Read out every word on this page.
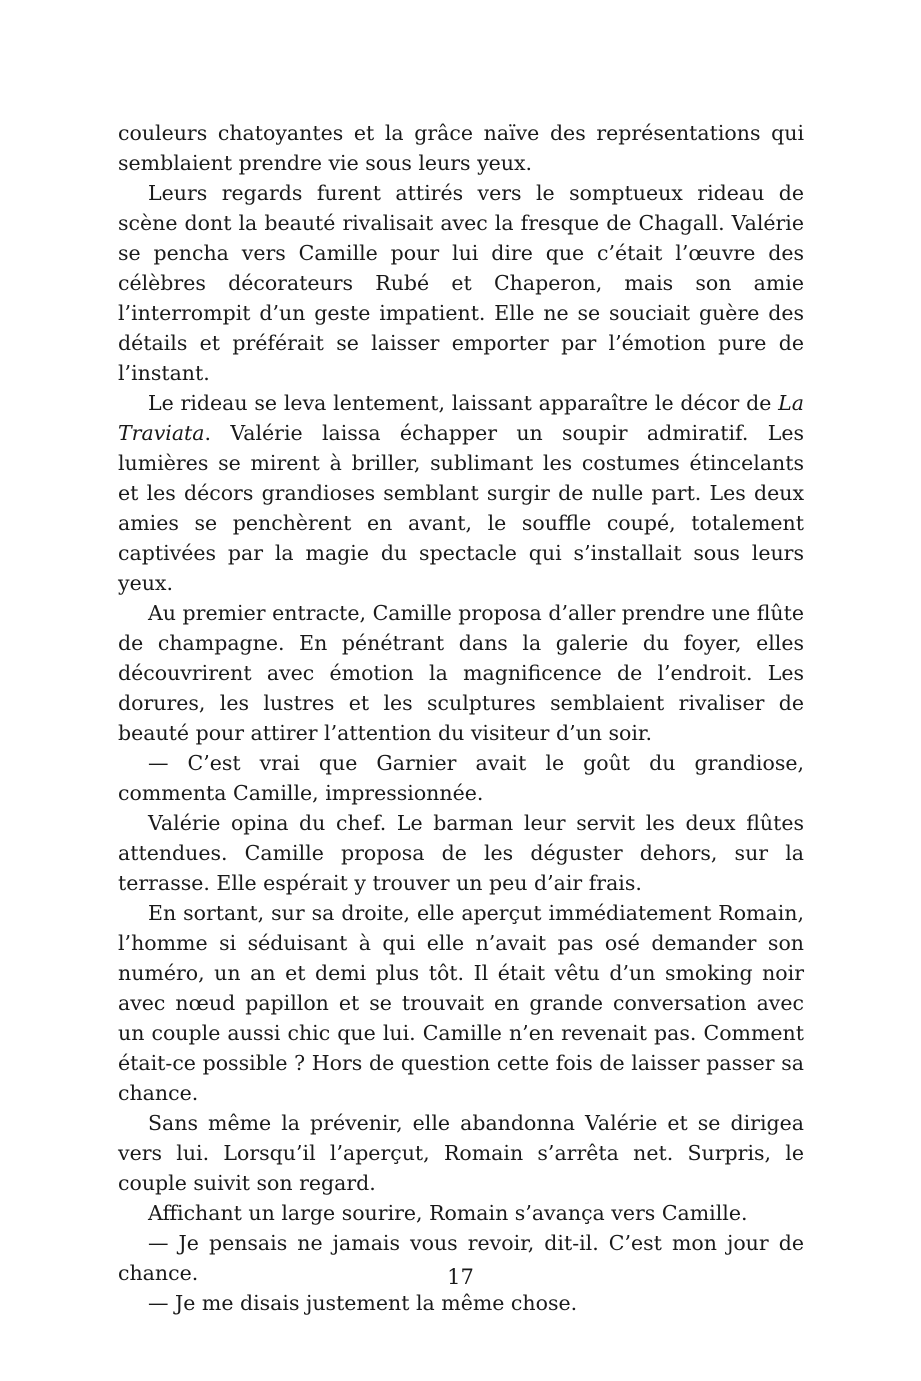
couleurs chatoyantes et la grâce naïve des représentations qui semblaient prendre vie sous leurs yeux.

Leurs regards furent attirés vers le somptueux rideau de scène dont la beauté rivalisait avec la fresque de Chagall. Valérie se pencha vers Camille pour lui dire que c’était l’œuvre des célèbres décorateurs Rubé et Chaperon, mais son amie l’interrompit d’un geste impatient. Elle ne se souciait guère des détails et préférait se laisser emporter par l’émotion pure de l’instant.

Le rideau se leva lentement, laissant apparaître le décor de La Traviata. Valérie laissa échapper un soupir admiratif. Les lumières se mirent à briller, sublimant les costumes étincelants et les décors grandioses semblant surgir de nulle part. Les deux amies se penchèrent en avant, le souffle coupé, totalement captivées par la magie du spectacle qui s’installait sous leurs yeux.

Au premier entracte, Camille proposa d’aller prendre une flûte de champagne. En pénétrant dans la galerie du foyer, elles découvrirent avec émotion la magnificence de l’endroit. Les dorures, les lustres et les sculptures semblaient rivaliser de beauté pour attirer l’attention du visiteur d’un soir.

— C’est vrai que Garnier avait le goût du grandiose, commenta Camille, impressionnée.

Valérie opina du chef. Le barman leur servit les deux flûtes attendues. Camille proposa de les déguster dehors, sur la terrasse. Elle espérait y trouver un peu d’air frais.

En sortant, sur sa droite, elle aperçut immédiatement Romain, l’homme si séduisant à qui elle n’avait pas osé demander son numéro, un an et demi plus tôt. Il était vêtu d’un smoking noir avec nœud papillon et se trouvait en grande conversation avec un couple aussi chic que lui. Camille n’en revenait pas. Comment était-ce possible ? Hors de question cette fois de laisser passer sa chance.

Sans même la prévenir, elle abandonna Valérie et se dirigea vers lui. Lorsqu’il l’aperçut, Romain s’arrêta net. Surpris, le couple suivit son regard.

Affichant un large sourire, Romain s’avança vers Camille.

— Je pensais ne jamais vous revoir, dit-il. C’est mon jour de chance.

— Je me disais justement la même chose.

17
